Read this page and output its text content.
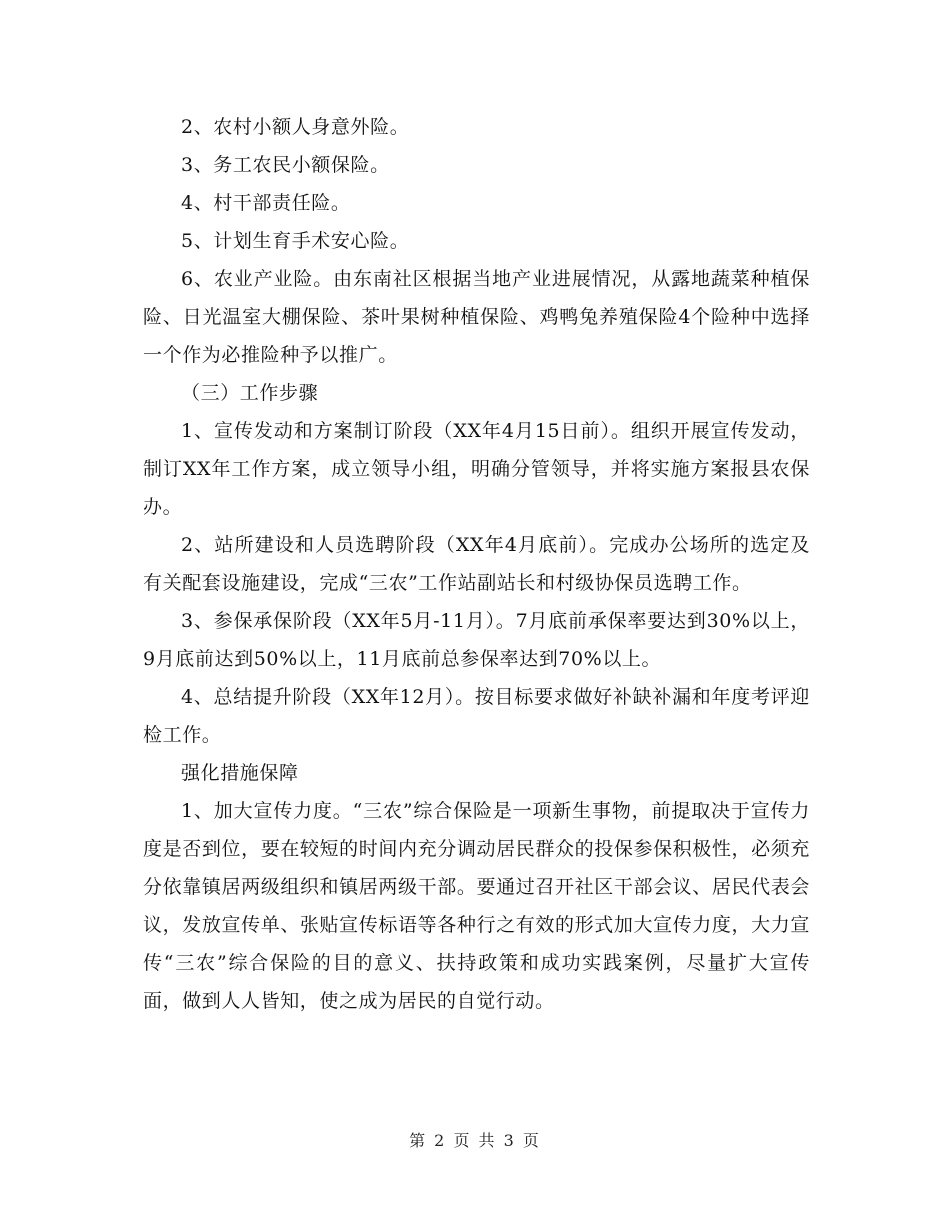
2、农村小额人身意外险。

3、务工农民小额保险。

4、村干部责任险。

5、计划生育手术安心险。

6、农业产业险。由东南社区根据当地产业进展情况，从露地蔬菜种植保险、日光温室大棚保险、茶叶果树种植保险、鸡鸭兔养殖保险4个险种中选择一个作为必推险种予以推广。

（三）工作步骤

1、宣传发动和方案制订阶段（XX年4月15日前）。组织开展宣传发动，制订XX年工作方案，成立领导小组，明确分管领导，并将实施方案报县农保办。

2、站所建设和人员选聘阶段（XX年4月底前）。完成办公场所的选定及有关配套设施建设，完成“三农”工作站副站长和村级协保员选聘工作。

3、参保承保阶段（XX年5月-11月）。7月底前承保率要达到30%以上，9月底前达到50%以上，11月底前总参保率达到70%以上。

4、总结提升阶段（XX年12月）。按目标要求做好补缺补漏和年度考评迎检工作。

强化措施保障

1、加大宣传力度。“三农”综合保险是一项新生事物，前提取决于宣传力度是否到位，要在较短的时间内充分调动居民群众的投保参保积极性，必须充分依靠镇居两级组织和镇居两级干部。要通过召开社区干部会议、居民代表会议，发放宣传单、张贴宣传标语等各种行之有效的形式加大宣传力度，大力宣传“三农”综合保险的目的意义、扶持政策和成功实践案例，尽量扩大宣传面，做到人人皆知，使之成为居民的自觉行动。

第 2 页 共 3 页
